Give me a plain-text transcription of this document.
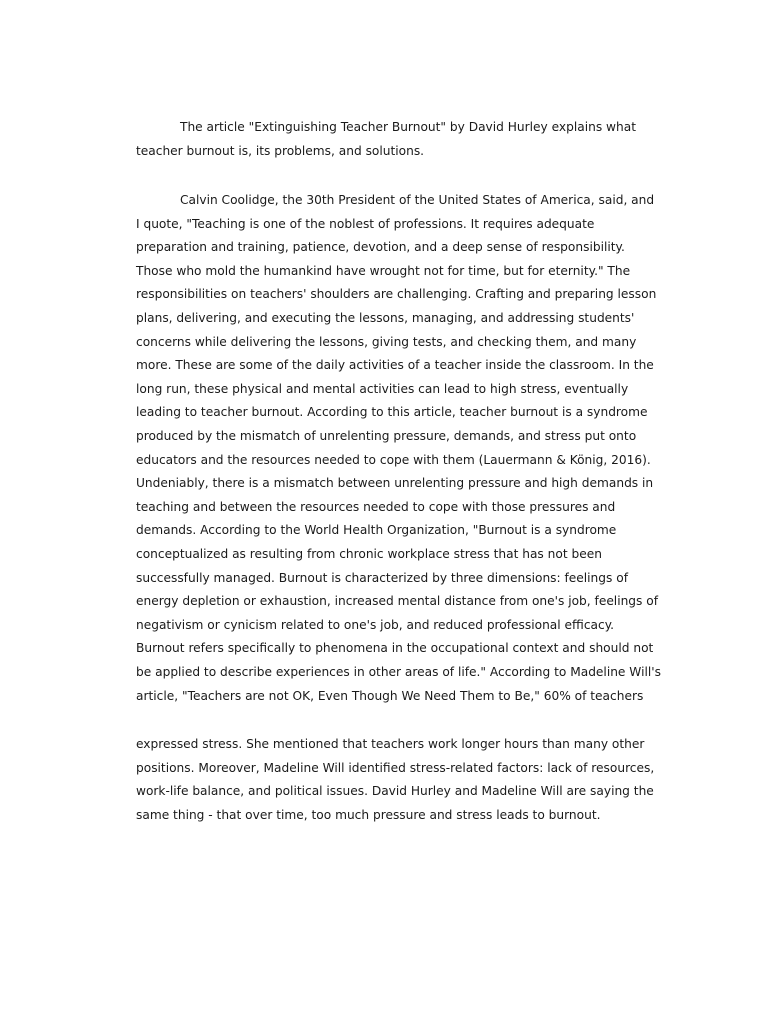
The article "Extinguishing Teacher Burnout" by David Hurley explains what
teacher burnout is, its problems, and solutions.
Calvin Coolidge, the 30th President of the United States of America, said, and
I quote, "Teaching is one of the noblest of professions. It requires adequate
preparation and training, patience, devotion, and a deep sense of responsibility.
Those who mold the humankind have wrought not for time, but for eternity." The
responsibilities on teachers' shoulders are challenging. Crafting and preparing lesson
plans, delivering, and executing the lessons, managing, and addressing students'
concerns while delivering the lessons, giving tests, and checking them, and many
more. These are some of the daily activities of a teacher inside the classroom. In the
long run, these physical and mental activities can lead to high stress, eventually
leading to teacher burnout. According to this article, teacher burnout is a syndrome
produced by the mismatch of unrelenting pressure, demands, and stress put onto
educators and the resources needed to cope with them (Lauermann & König, 2016).
Undeniably, there is a mismatch between unrelenting pressure and high demands in
teaching and between the resources needed to cope with those pressures and
demands. According to the World Health Organization, "Burnout is a syndrome
conceptualized as resulting from chronic workplace stress that has not been
successfully managed. Burnout is characterized by three dimensions: feelings of
energy depletion or exhaustion, increased mental distance from one's job, feelings of
negativism or cynicism related to one's job, and reduced professional efficacy.
Burnout refers specifically to phenomena in the occupational context and should not
be applied to describe experiences in other areas of life." According to Madeline Will's
article, "Teachers are not OK, Even Though We Need Them to Be," 60% of teachers
expressed stress. She mentioned that teachers work longer hours than many other
positions. Moreover, Madeline Will identified stress-related factors: lack of resources,
work-life balance, and political issues. David Hurley and Madeline Will are saying the
same thing - that over time, too much pressure and stress leads to burnout.
